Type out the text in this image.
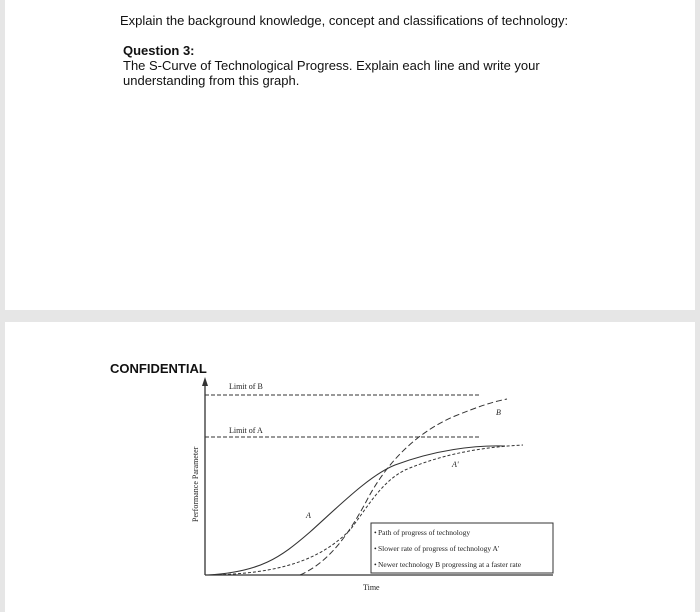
Explain the background knowledge, concept and classifications of technology:
Question 3:
The S-Curve of Technological Progress. Explain each line and write your understanding from this graph.
CONFIDENTIAL
Limit of B
Limit of A
A
A'
B
Performance Parameter
Time
• Path of progress of technology
• Slower rate of progress of technology A'
• Newer technology B progressing at a faster rate
